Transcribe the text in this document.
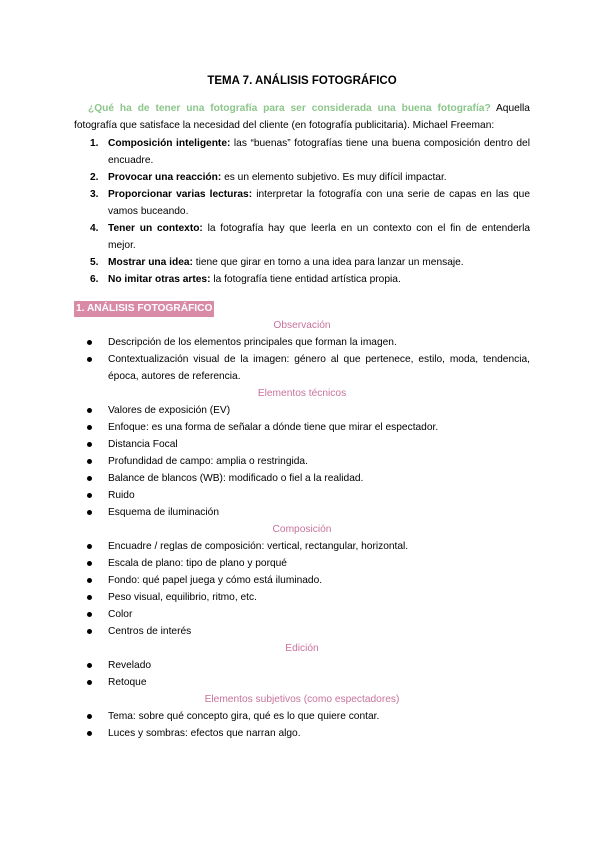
TEMA 7. ANÁLISIS FOTOGRÁFICO

¿Qué ha de tener una fotografía para ser considerada una buena fotografía? Aquella fotografía que satisface la necesidad del cliente (en fotografía publicitaria). Michael Freeman:

1. Composición inteligente: las “buenas” fotografías tiene una buena composición dentro del encuadre.
2. Provocar una reacción: es un elemento subjetivo. Es muy difícil impactar.
3. Proporcionar varias lecturas: interpretar la fotografía con una serie de capas en las que vamos buceando.
4. Tener un contexto: la fotografía hay que leerla en un contexto con el fin de entenderla mejor.
5. Mostrar una idea: tiene que girar en torno a una idea para lanzar un mensaje.
6. No imitar otras artes: la fotografía tiene entidad artística propia.
1. ANÁLISIS FOTOGRÁFICO
Observación
Descripción de los elementos principales que forman la imagen.
Contextualización visual de la imagen: género al que pertenece, estilo, moda, tendencia, época, autores de referencia.
Elementos técnicos
Valores de exposición (EV)
Enfoque: es una forma de señalar a dónde tiene que mirar el espectador.
Distancia Focal
Profundidad de campo: amplia o restringida.
Balance de blancos (WB): modificado o fiel a la realidad.
Ruido
Esquema de iluminación
Composición
Encuadre / reglas de composición: vertical, rectangular, horizontal.
Escala de plano: tipo de plano y porqué
Fondo: qué papel juega y cómo está iluminado.
Peso visual, equilibrio, ritmo, etc.
Color
Centros de interés
Edición
Revelado
Retoque
Elementos subjetivos (como espectadores)
Tema: sobre qué concepto gira, qué es lo que quiere contar.
Luces y sombras: efectos que narran algo.
